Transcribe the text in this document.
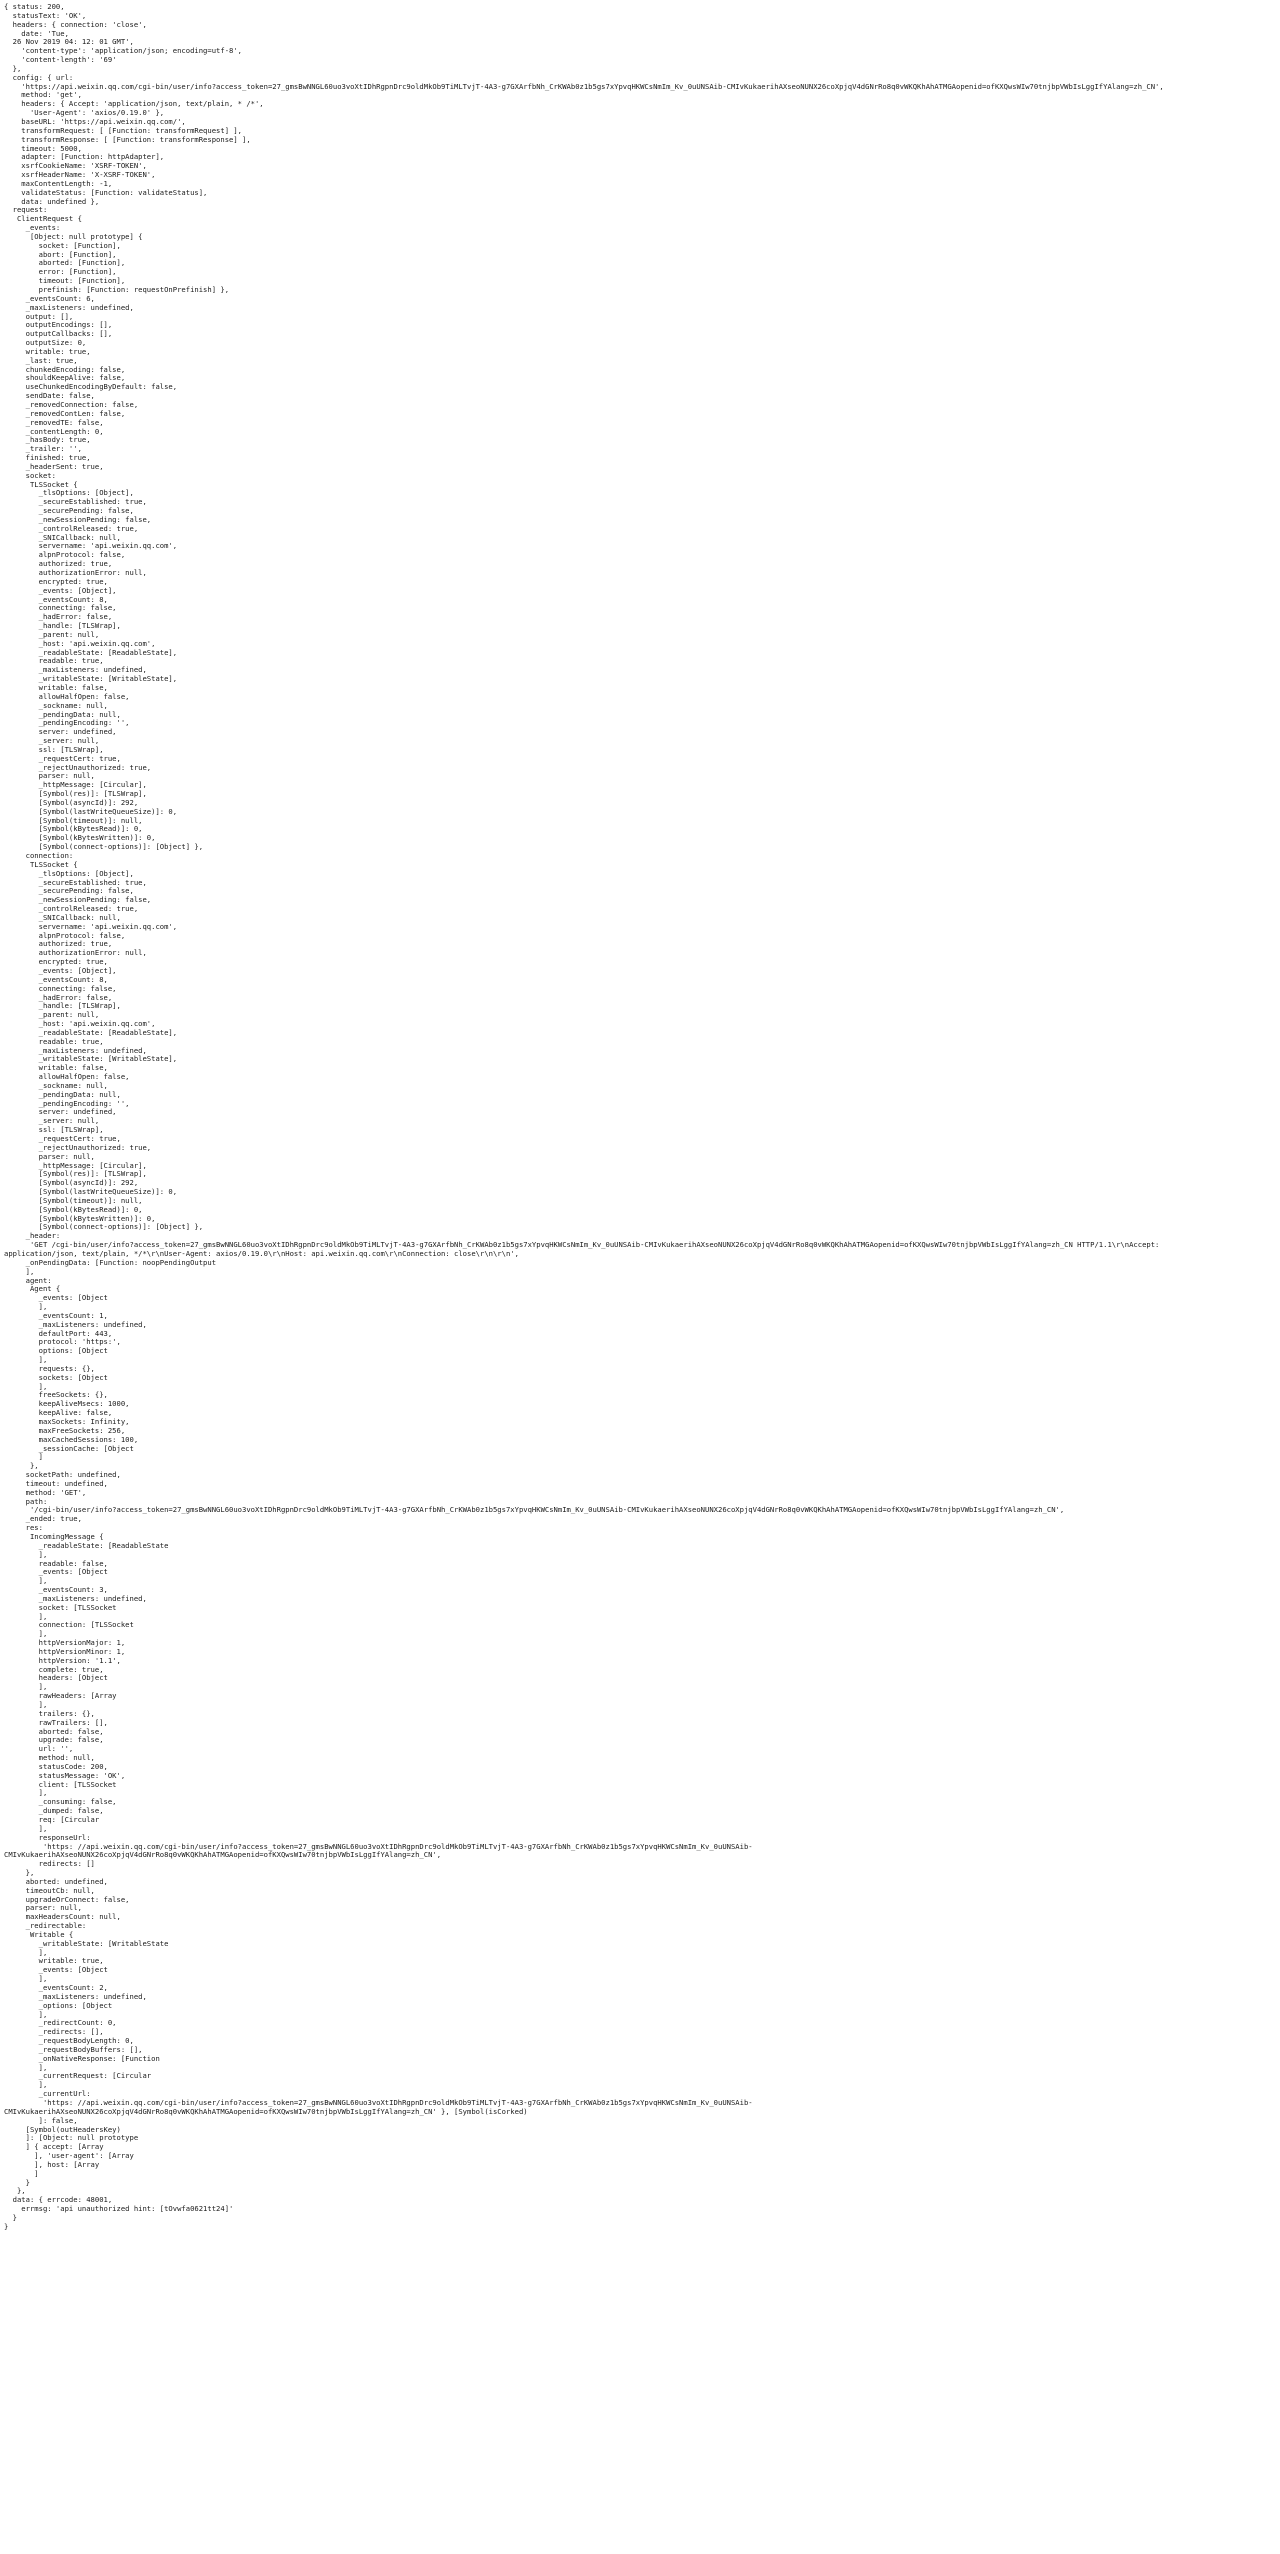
{ status: 200,
statusText: 'OK',
headers: { connection: 'close',
date: 'Tue,
26 Nov 2019 04: 12: 01 GMT',
'content-type': 'application/json; encoding=utf-8',
'content-length': '69'
},
config: { url:
'https://api.weixin.qq.com/cgi-bin/user/info?access_token=27_gmsBwNNGL60uo3voXtIDhRgpnDrc9oldMkOb9TiMLTvjT-4A3-g7GXArfbNh_CrKWAb0z1b5gs7xYpvqHKWCsNmIm_Kv_0uUNSAib-CMIvKukaerihAXseoNUNX26coXpjqV4dGNrRo8q0vWKQKhAhATMGAopenid=ofKXQwsWIw70tnjbpVWbIsLggIfYAlang=zh_CN',
method: 'get',
headers: { Accept: 'application/json, text/plain, * /*',
'User-Agent': 'axios/0.19.0' },
baseURL: 'https://api.weixin.qq.com/',
transformRequest: [ [Function: transformRequest] ],
transformResponse: [ [Function: transformResponse] ],
timeout: 5000,
adapter: [Function: httpAdapter],
xsrfCookieName: 'XSRF-TOKEN',
xsrfHeaderName: 'X-XSRF-TOKEN',
maxContentLength: -1,
validateStatus: [Function: validateStatus],
data: undefined },
request:
ClientRequest {
_events:
[Object: null prototype] {
socket: [Function],
abort: [Function],
aborted: [Function],
error: [Function],
timeout: [Function],
prefinish: [Function: requestOnPrefinish] },
_eventsCount: 6,
_maxListeners: undefined,
output: [],
outputEncodings: [],
outputCallbacks: [],
outputSize: 0,
writable: true,
_last: true,
chunkedEncoding: false,
shouldKeepAlive: false,
useChunkedEncodingByDefault: false,
sendDate: false,
_removedConnection: false,
_removedContLen: false,
_removedTE: false,
_contentLength: 0,
_hasBody: true,
_trailer: '',
finished: true,
_headerSent: true,
socket:
TLSSocket {
_tlsOptions: [Object],
_secureEstablished: true,
_securePending: false,
_newSessionPending: false,
_controlReleased: true,
_SNICallback: null,
servername: 'api.weixin.qq.com',
alpnProtocol: false,
authorized: true,
authorizationError: null,
encrypted: true,
_events: [Object],
_eventsCount: 8,
connecting: false,
_hadError: false,
_handle: [TLSWrap],
_parent: null,
_host: 'api.weixin.qq.com',
_readableState: [ReadableState],
readable: true,
_maxListeners: undefined,
_writableState: [WritableState],
writable: false,
allowHalfOpen: false,
_sockname: null,
_pendingData: null,
_pendingEncoding: '',
server: undefined,
_server: null,
ssl: [TLSWrap],
_requestCert: true,
_rejectUnauthorized: true,
parser: null,
_httpMessage: [Circular],
[Symbol(res)]: [TLSWrap],
[Symbol(asyncId)]: 292,
[Symbol(lastWriteQueueSize)]: 0,
[Symbol(timeout)]: null,
[Symbol(kBytesRead)]: 0,
[Symbol(kBytesWritten)]: 0,
[Symbol(connect-options)]: [Object] },
connection:
TLSSocket {
_tlsOptions: [Object],
_secureEstablished: true,
_securePending: false,
_newSessionPending: false,
_controlReleased: true,
_SNICallback: null,
servername: 'api.weixin.qq.com',
alpnProtocol: false,
authorized: true,
authorizationError: null,
encrypted: true,
_events: [Object],
_eventsCount: 8,
connecting: false,
_hadError: false,
_handle: [TLSWrap],
_parent: null,
_host: 'api.weixin.qq.com',
_readableState: [ReadableState],
readable: true,
_maxListeners: undefined,
_writableState: [WritableState],
writable: false,
allowHalfOpen: false,
_sockname: null,
_pendingData: null,
_pendingEncoding: '',
server: undefined,
_server: null,
ssl: [TLSWrap],
_requestCert: true,
_rejectUnauthorized: true,
parser: null,
_httpMessage: [Circular],
[Symbol(res)]: [TLSWrap],
[Symbol(asyncId)]: 292,
[Symbol(lastWriteQueueSize)]: 0,
[Symbol(timeout)]: null,
[Symbol(kBytesRead)]: 0,
[Symbol(kBytesWritten)]: 0,
[Symbol(connect-options)]: [Object] },
_header:
'GET /cgi-bin/user/info?access_token=27_gmsBwNNGL60uo3voXtIDhRgpnDrc9oldMkOb9TiMLTvjT-4A3-g7GXArfbNh_CrKWAb0z1b5gs7xYpvqHKWCsNmIm_Kv_0uUNSAib-CMIvKukaerihAXseoNUNX26coXpjqV4dGNrRo8q0vWKQKhAhATMGAopenid=ofKXQwsWIw70tnjbpVWbIsLggIfYAlang=zh_CN HTTP/1.1\r\nAccept:
application/json, text/plain, */*\r\nUser-Agent: axios/0.19.0\r\nHost: api.weixin.qq.com\r\nConnection: close\r\n\r\n',
_onPendingData: [Function: noopPendingOutput
],
agent:
Agent {
_events: [Object
],
_eventsCount: 1,
_maxListeners: undefined,
defaultPort: 443,
protocol: 'https:',
options: [Object
],
requests: {},
sockets: [Object
],
freeSockets: {},
keepAliveMsecs: 1000,
keepAlive: false,
maxSockets: Infinity,
maxFreeSockets: 256,
maxCachedSessions: 100,
_sessionCache: [Object
]
},
socketPath: undefined,
timeout: undefined,
method: 'GET',
path:
'/cgi-bin/user/info?access_token=27_gmsBwNNGL60uo3voXtIDhRgpnDrc9oldMkOb9TiMLTvjT-4A3-g7GXArfbNh_CrKWAb0z1b5gs7xYpvqHKWCsNmIm_Kv_0uUNSAib-CMIvKukaerihAXseoNUNX26coXpjqV4dGNrRo8q0vWKQKhAhATMGAopenid=ofKXQwsWIw70tnjbpVWbIsLggIfYAlang=zh_CN',
_ended: true,
res:
IncomingMessage {
_readableState: [ReadableState
],
readable: false,
_events: [Object
],
_eventsCount: 3,
_maxListeners: undefined,
socket: [TLSSocket
],
connection: [TLSSocket
],
httpVersionMajor: 1,
httpVersionMinor: 1,
httpVersion: '1.1',
complete: true,
headers: [Object
],
rawHeaders: [Array
],
trailers: {},
rawTrailers: [],
aborted: false,
upgrade: false,
url: '',
method: null,
statusCode: 200,
statusMessage: 'OK',
client: [TLSSocket
],
_consuming: false,
_dumped: false,
req: [Circular
],
responseUrl:
'https: //api.weixin.qq.com/cgi-bin/user/info?access_token=27_gmsBwNNGL60uo3voXtIDhRgpnDrc9oldMkOb9TiMLTvjT-4A3-g7GXArfbNh_CrKWAb0z1b5gs7xYpvqHKWCsNmIm_Kv_0uUNSAib-
CMIvKukaerihAXseoNUNX26coXpjqV4dGNrRo8q0vWKQKhAhATMGAopenid=ofKXQwsWIw70tnjbpVWbIsLggIfYAlang=zh_CN',
redirects: []
},
aborted: undefined,
timeoutCb: null,
upgradeOrConnect: false,
parser: null,
maxHeadersCount: null,
_redirectable:
Writable {
_writableState: [WritableState
],
writable: true,
_events: [Object
],
_eventsCount: 2,
_maxListeners: undefined,
_options: [Object
],
_redirectCount: 0,
_redirects: [],
_requestBodyLength: 0,
_requestBodyBuffers: [],
_onNativeResponse: [Function
],
_currentRequest: [Circular
],
_currentUrl:
'https: //api.weixin.qq.com/cgi-bin/user/info?access_token=27_gmsBwNNGL60uo3voXtIDhRgpnDrc9oldMkOb9TiMLTvjT-4A3-g7GXArfbNh_CrKWAb0z1b5gs7xYpvqHKWCsNmIm_Kv_0uUNSAib-
CMIvKukaerihAXseoNUNX26coXpjqV4dGNrRo8q0vWKQKhAhATMGAopenid=ofKXQwsWIw70tnjbpVWbIsLggIfYAlang=zh_CN' }, [Symbol(isCorked)
]: false,
[Symbol(outHeadersKey)
]: [Object: null prototype
] { accept: [Array
], 'user-agent': [Array
], host: [Array
]
}
},
data: { errcode: 48001,
errmsg: 'api unauthorized hint: [tOvwfa0621tt24]'
}
}
